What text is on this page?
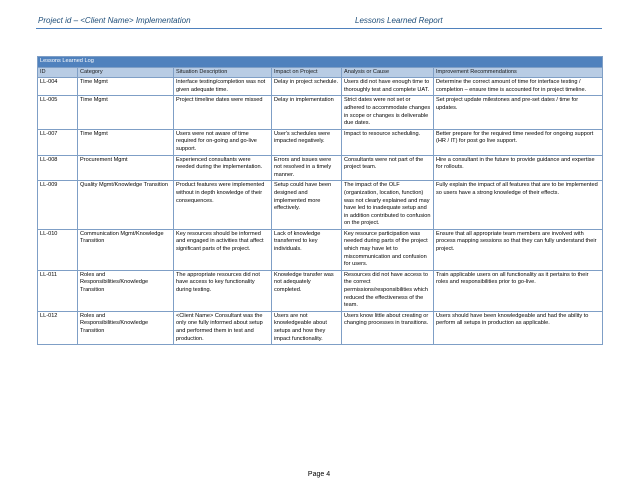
Project id – <Client Name> Implementation	Lessons Learned Report
Lessons Learned Log					
ID	Category	Situation Description	Impact on Project	Analysis or Cause	Improvement Recommendations
LL-004	Time Mgmt	Interface testing/completion was not given adequate time.	Delay in project schedule.	Users did not have enough time to thoroughly test and complete UAT.	Determine the correct amount of time for interface testing / completion – ensure time is accounted for in project timeline.
LL-005	Time Mgmt	Project timeline dates were missed	Delay in implementation	Strict dates were not set or adhered to accommodate changes in scope or changes is deliverable due dates.	Set project update milestones and pre-set dates / time for updates.
LL-007	Time Mgmt	Users were not aware of time required for on-going and go-live support.	User's schedules were impacted negatively.	Impact to resource scheduling.	Better prepare for the required time needed for ongoing support (HR / IT) for post go live support.
LL-008	Procurement Mgmt	Experienced consultants were needed during the implementation.	Errors and issues were not resolved in a timely manner.	Consultants were not part of the project team.	Hire a consultant in the future to provide guidance and expertise for rollouts.
LL-009	Quality Mgmt/Knowledge Transition	Product features were implemented without in depth knowledge of their consequences.	Setup could have been designed and implemented more effectively.	The impact of the OLF (organization, location, function) was not clearly explained and may have led to inadequate setup and in addition contributed to confusion on the project.	Fully explain the impact of all features that are to be implemented so users have a strong knowledge of their effects.
LL-010	Communication Mgmt/Knowledge Transition	Key resources should be informed and engaged in activities that affect significant parts of the project.	Lack of knowledge transferred to key individuals.	Key resource participation was needed during parts of the project which may have let to miscommunication and confusion for users.	Ensure that all appropriate team members are involved with process mapping sessions so that they can fully understand their project.
LL-011	Roles and Responsibilities/Knowledge Transition	The appropriate resources did not have access to key functionality during testing.	Knowledge transfer was not adequately completed.	Resources did not have access to the correct permissions/responsibilities which reduced the effectiveness of the team.	Train applicable users on all functionality as it pertains to their roles and responsibilities prior to go-live.
LL-012	Roles and Responsibilities/Knowledge Transition	<Client Name> Consultant was the only one fully informed about setup and performed them in test and production.	Users are not knowledgeable about setups and how they impact functionality.	Users know little about creating or changing processes in transitions.	Users should have been knowledgeable and had the ability to perform all setups in production as applicable.
Page 4
